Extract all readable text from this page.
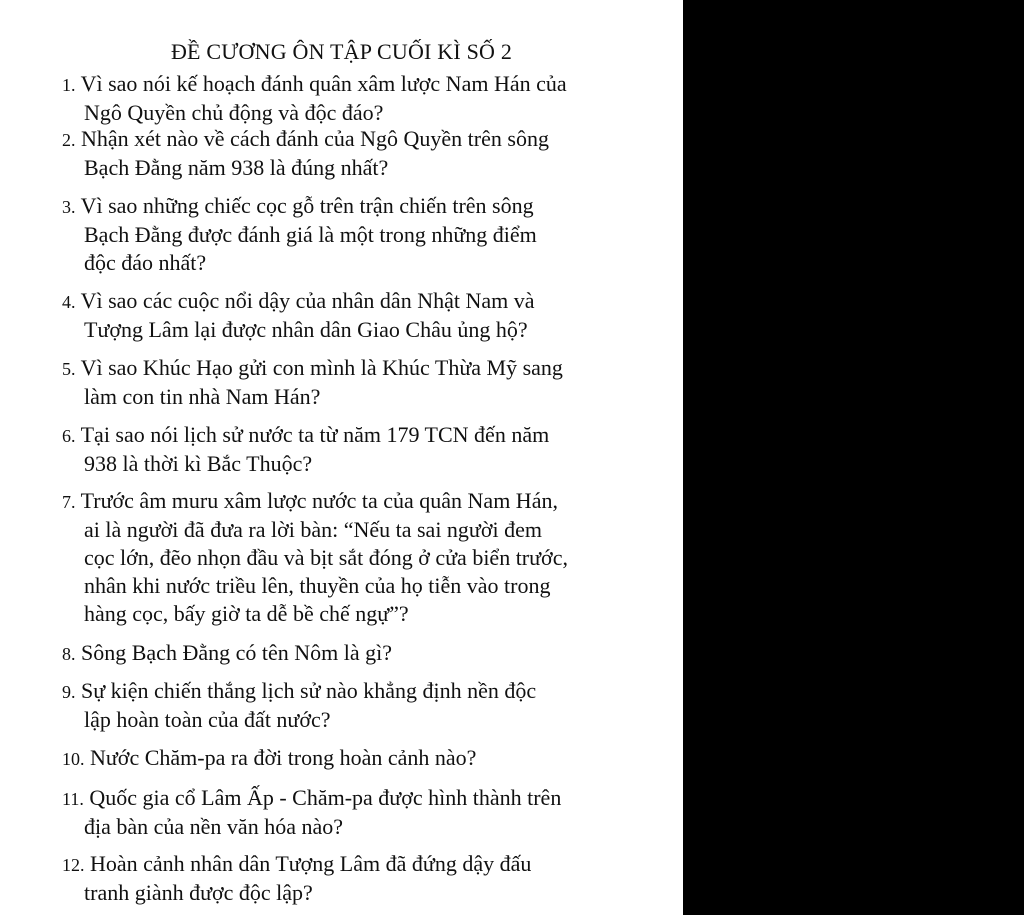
ĐỀ CƯƠNG ÔN TẬP CUỐI KÌ SỐ 2
1. Vì sao nói kế hoạch đánh quân xâm lược Nam Hán của
Ngô Quyền chủ động và độc đáo?
2. Nhận xét nào về cách đánh của Ngô Quyền trên sông
Bạch Đằng năm 938 là đúng nhất?
3. Vì sao những chiếc cọc gỗ trên trận chiến trên sông
Bạch Đằng được đánh giá là một trong những điểm
độc đáo nhất?
4. Vì sao các cuộc nổi dậy của nhân dân Nhật Nam và
Tượng Lâm lại được nhân dân Giao Châu ủng hộ?
5. Vì sao Khúc Hạo gửi con mình là Khúc Thừa Mỹ sang
làm con tin nhà Nam Hán?
6. Tại sao nói lịch sử nước ta từ năm 179 TCN đến năm
938 là thời kì Bắc Thuộc?
7. Trước âm muru xâm lược nước ta của quân Nam Hán,
ai là người đã đưa ra lời bàn: “Nếu ta sai người đem
cọc lớn, đẽo nhọn đầu và bịt sắt đóng ở cửa biển trước,
nhân khi nước triều lên, thuyền của họ tiễn vào trong
hàng cọc, bấy giờ ta dễ bề chế ngự”?
8. Sông Bạch Đằng có tên Nôm là gì?
9. Sự kiện chiến thắng lịch sử nào khẳng định nền độc
lập hoàn toàn của đất nước?
10. Nước Chăm-pa ra đời trong hoàn cảnh nào?
11. Quốc gia cổ Lâm Ấp - Chăm-pa được hình thành trên
địa bàn của nền văn hóa nào?
12. Hoàn cảnh nhân dân Tượng Lâm đã đứng dậy đấu
tranh giành được độc lập?
